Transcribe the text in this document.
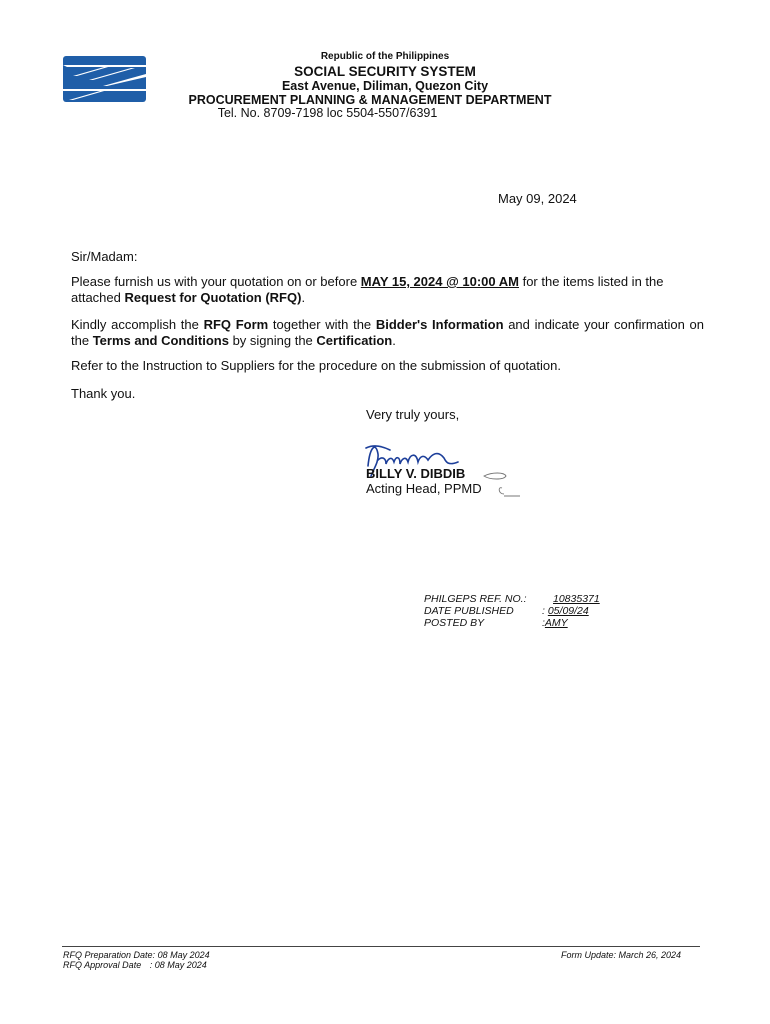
Republic of the Philippines
SOCIAL SECURITY SYSTEM
East Avenue, Diliman, Quezon City
PROCUREMENT PLANNING & MANAGEMENT DEPARTMENT
Tel. No. 8709-7198 loc 5504-5507/6391
May 09, 2024
Sir/Madam:
Please furnish us with your quotation on or before MAY 15, 2024 @ 10:00 AM for the items listed in the attached Request for Quotation (RFQ).
Kindly accomplish the RFQ Form together with the Bidder's Information and indicate your confirmation on the Terms and Conditions by signing the Certification.
Refer to the Instruction to Suppliers for the procedure on the submission of quotation.
Thank you.
Very truly yours,
BILLY V. DIBDIB
Acting Head, PPMD
PHILGEPS REF. NO.:	10835371
DATE PUBLISHED	: 05/09/24
POSTED BY	:AMY
RFQ Preparation Date: 08 May 2024
RFQ Approval Date : 08 May 2024
Form Update: March 26, 2024
